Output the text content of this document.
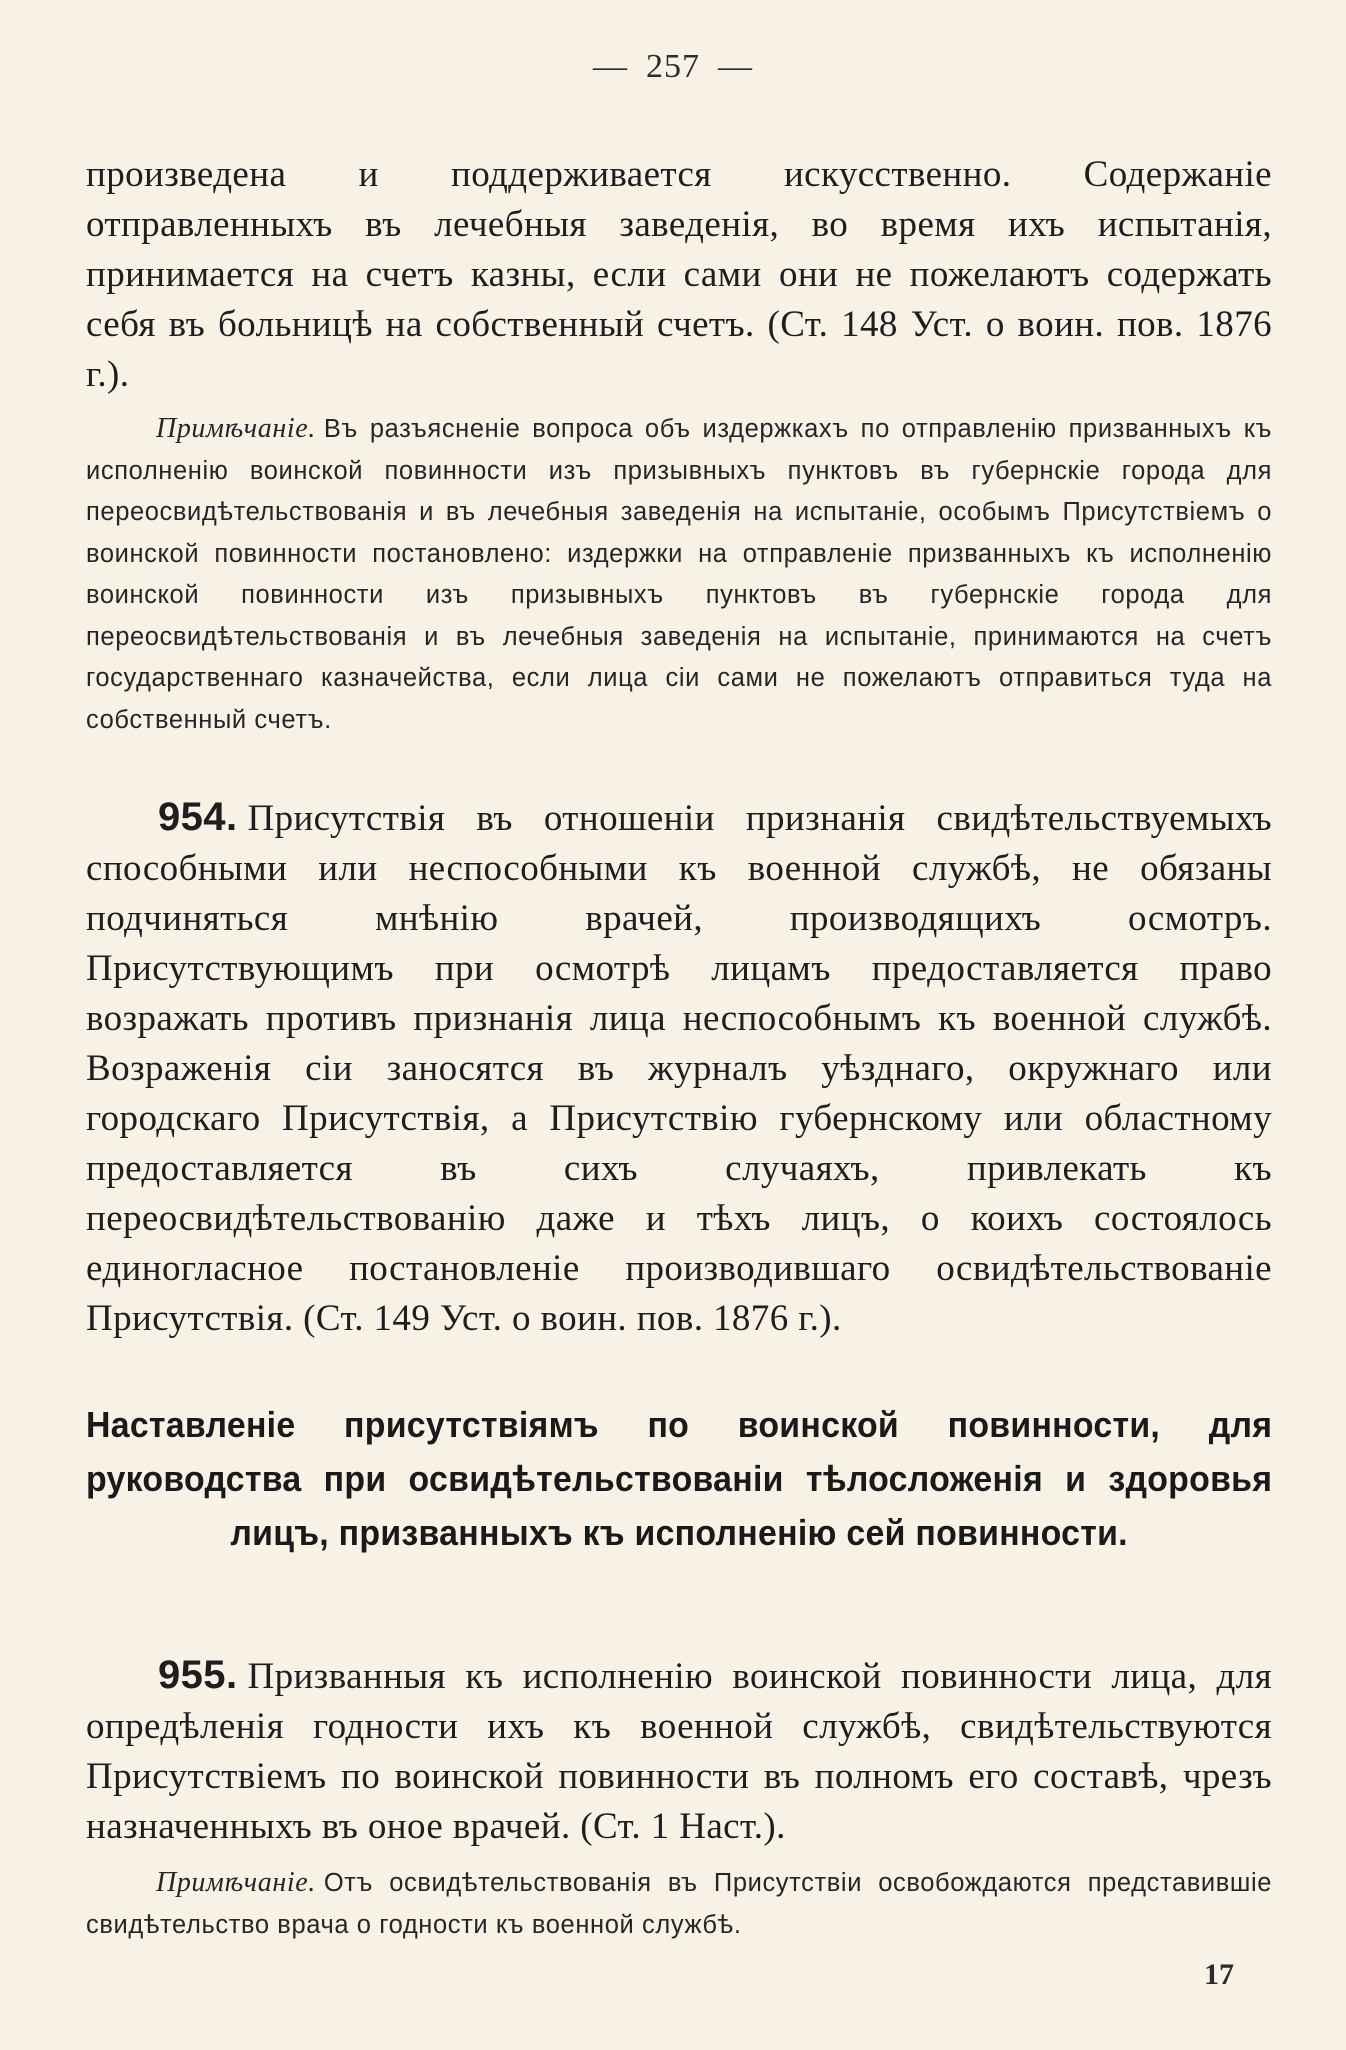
— 257 —

произведена и поддерживается искусственно. Содержаніе отправленныхъ въ лечебныя заведенія, во время ихъ испытанія, принимается на счетъ казны, если сами они не пожелаютъ содержать себя въ больницѣ на собственный счетъ. (Ст. 148 Уст. о воин. пов. 1876 г.).

Примѣчаніе. Въ разъясненіе вопроса объ издержкахъ по отправленію призванныхъ къ исполненію воинской повинности изъ призывныхъ пунктовъ въ губернскіе города для переосвидѣтельствованія и въ лечебныя заведенія на испытаніе, особымъ Присутствіемъ о воинской повинности постановлено: издержки на отправленіе призванныхъ къ исполненію воинской повинности изъ призывныхъ пунктовъ въ губернскіе города для переосвидѣтельствованія и въ лечебныя заведенія на испытаніе, принимаются на счетъ государственнаго казначейства, если лица сіи сами не пожелаютъ отправиться туда на собственный счетъ.

954. Присутствія въ отношеніи признанія свидѣтельствуемыхъ способными или неспособными къ военной службѣ, не обязаны подчиняться мнѣнію врачей, производящихъ осмотръ. Присутствующимъ при осмотрѣ лицамъ предоставляется право возражать противъ признанія лица неспособнымъ къ военной службѣ. Возраженія сіи заносятся въ журналъ уѣзднаго, окружнаго или городскаго Присутствія, а Присутствію губернскому или областному предоставляется въ сихъ случаяхъ, привлекать къ переосвидѣтельствованію даже и тѣхъ лицъ, о коихъ состоялось единогласное постановленіе производившаго освидѣтельствованіе Присутствія. (Ст. 149 Уст. о воин. пов. 1876 г.).

Наставленіе присутствіямъ по воинской повинности, для руководства при освидѣтельствованіи тѣлосложенія и здоровья лицъ, призванныхъ къ исполненію сей повинности.

955. Призванныя къ исполненію воинской повинности лица, для опредѣленія годности ихъ къ военной службѣ, свидѣтельствуются Присутствіемъ по воинской повинности въ полномъ его составѣ, чрезъ назначенныхъ въ оное врачей. (Ст. 1 Наст.).

Примѣчаніе. Отъ освидѣтельствованія въ Присутствіи освобождаются представившіе свидѣтельство врача о годности къ военной службѣ.

17
